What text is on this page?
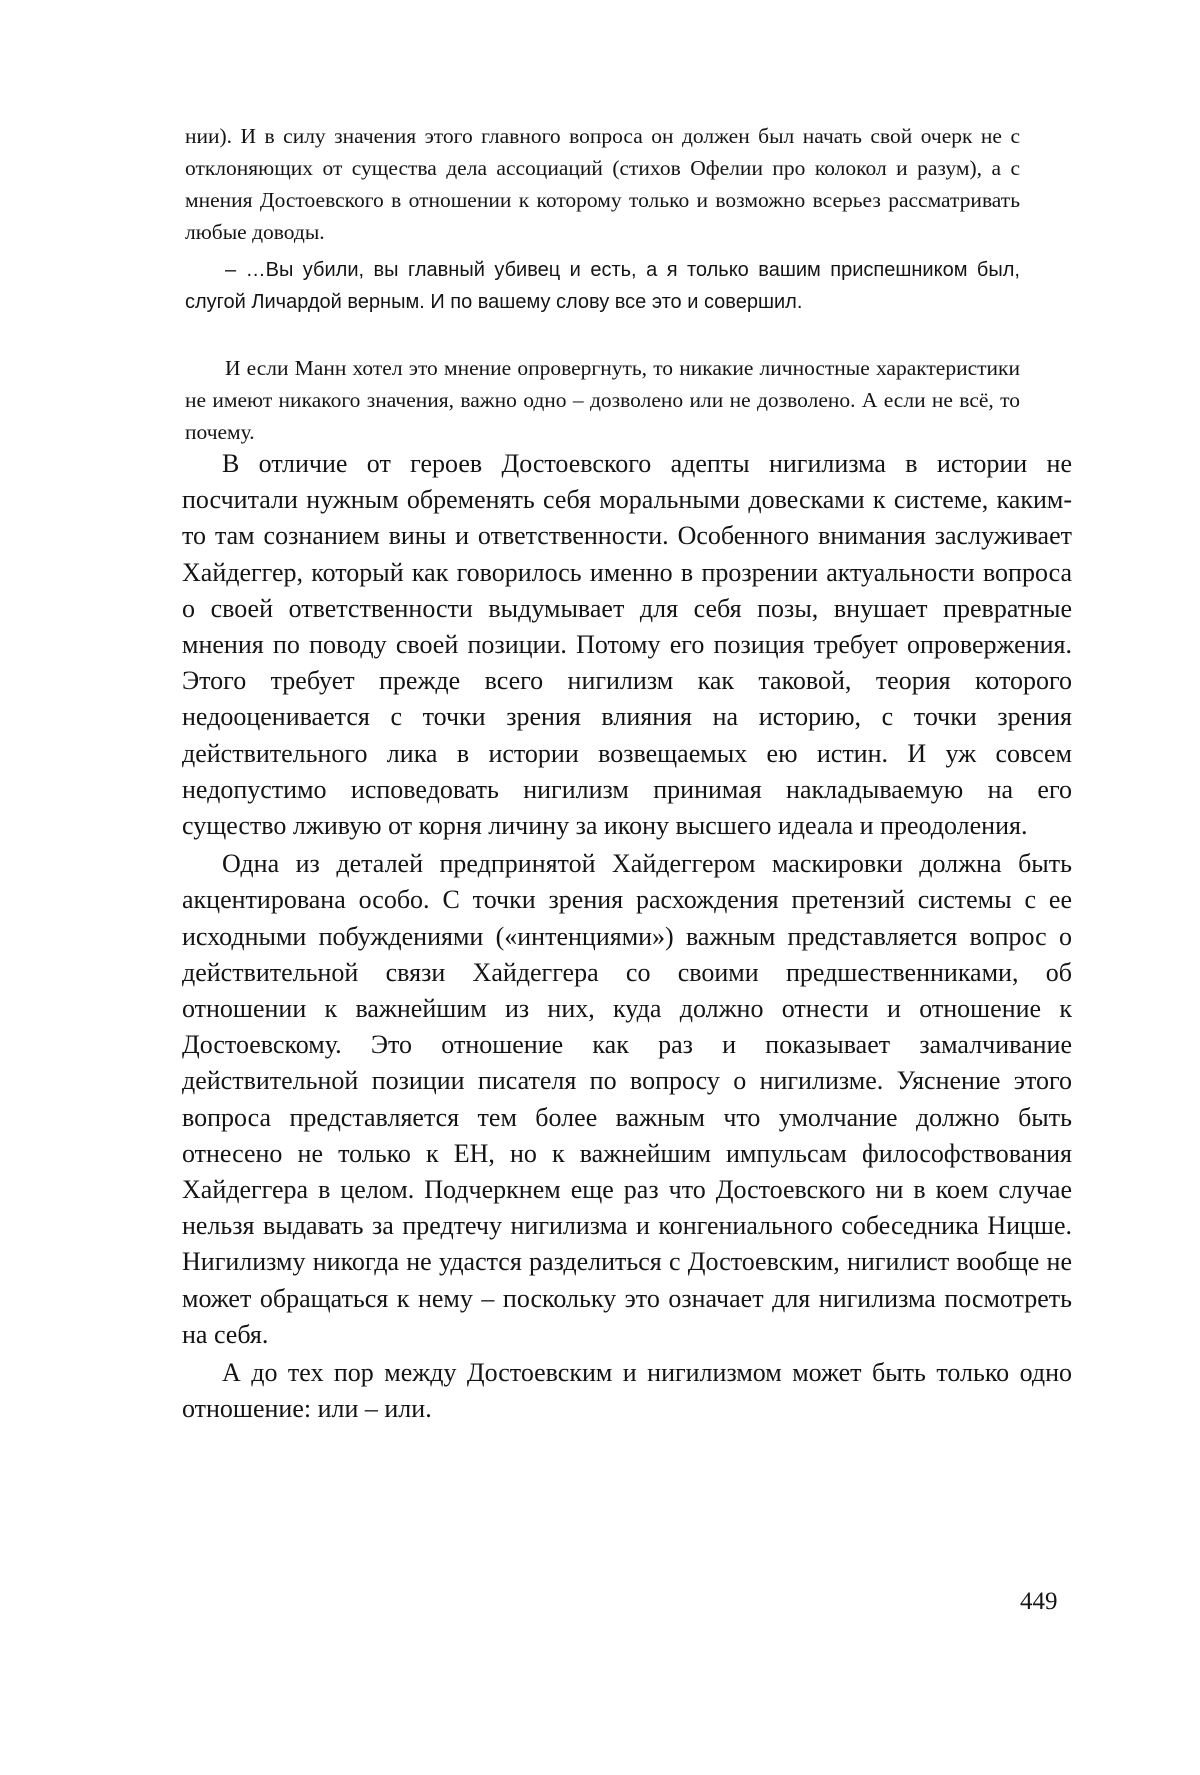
нии). И в силу значения этого главного вопроса он должен был начать свой очерк не с отклоняющих от существа дела ассоциаций (стихов Офелии про колокол и разум), а с мнения Достоевского в отношении к которому только и возможно всерьез рассматривать любые доводы.

– …Вы убили, вы главный убивец и есть, а я только вашим приспешником был, слугой Личардой верным. И по вашему слову все это и совершил.

И если Манн хотел это мнение опровергнуть, то никакие личностные характеристики не имеют никакого значения, важно одно – дозволено или не дозволено. А если не всё, то почему.

В отличие от героев Достоевского адепты нигилизма в истории не посчитали нужным обременять себя моральными довесками к системе, каким-то там сознанием вины и ответственности. Особенного внимания заслуживает Хайдеггер, который как говорилось именно в прозрении актуальности вопроса о своей ответственности выдумывает для себя позы, внушает превратные мнения по поводу своей позиции. Потому его позиция требует опровержения. Этого требует прежде всего нигилизм как таковой, теория которого недооценивается с точки зрения влияния на историю, с точки зрения действительного лика в истории возвещаемых ею истин. И уж совсем недопустимо исповедовать нигилизм принимая накладываемую на его существо лживую от корня личину за икону высшего идеала и преодоления.

Одна из деталей предпринятой Хайдеггером маскировки должна быть акцентирована особо. С точки зрения расхождения претензий системы с ее исходными побуждениями («интенциями») важным представляется вопрос о действительной связи Хайдеггера со своими предшественниками, об отношении к важнейшим из них, куда должно отнести и отношение к Достоевскому. Это отношение как раз и показывает замалчивание действительной позиции писателя по вопросу о нигилизме. Уяснение этого вопроса представляется тем более важным что умолчание должно быть отнесено не только к ЕН, но к важнейшим импульсам философствования Хайдеггера в целом. Подчеркнем еще раз что Достоевского ни в коем случае нельзя выдавать за предтечу нигилизма и конгениального собеседника Ницше. Нигилизму никогда не удастся разделиться с Достоевским, нигилист вообще не может обращаться к нему – поскольку это означает для нигилизма посмотреть на себя.

А до тех пор между Достоевским и нигилизмом может быть только одно отношение: или – или.

449
